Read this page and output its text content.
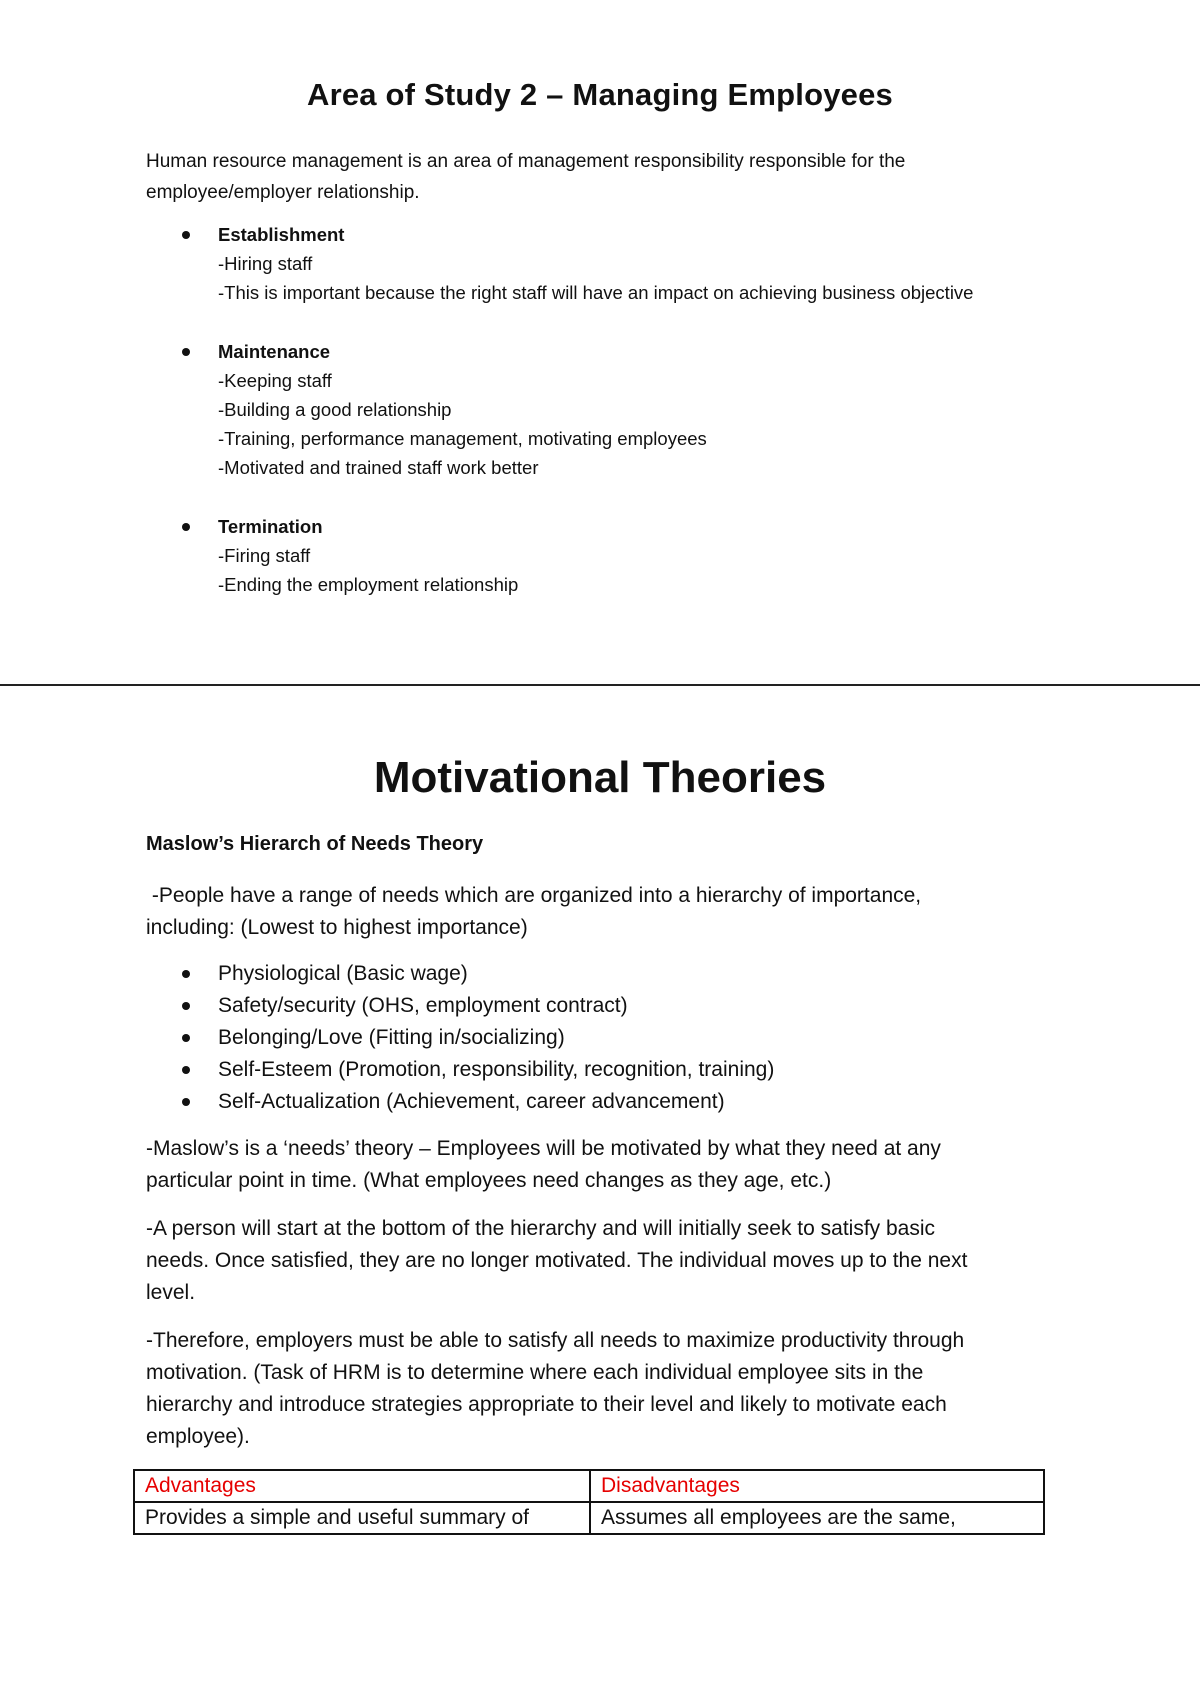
Area of Study 2 – Managing Employees

Human resource management is an area of management responsibility responsible for the
employee/employer relationship.

Establishment
-Hiring staff
-This is important because the right staff will have an impact on achieving business objective
Maintenance
-Keeping staff
-Building a good relationship
-Training, performance management, motivating employees
-Motivated and trained staff work better
Termination
-Firing staff
-Ending the employment relationship
Motivational Theories
Maslow’s Hierarch of Needs Theory

-People have a range of needs which are organized into a hierarchy of importance,
including: (Lowest to highest importance)

Physiological (Basic wage)
Safety/security (OHS, employment contract)
Belonging/Love (Fitting in/socializing)
Self-Esteem (Promotion, responsibility, recognition, training)
Self-Actualization (Achievement, career advancement)

-Maslow’s is a ‘needs’ theory – Employees will be motivated by what they need at any
particular point in time. (What employees need changes as they age, etc.)

-A person will start at the bottom of the hierarchy and will initially seek to satisfy basic
needs. Once satisfied, they are no longer motivated. The individual moves up to the next
level.

-Therefore, employers must be able to satisfy all needs to maximize productivity through
motivation. (Task of HRM is to determine where each individual employee sits in the
hierarchy and introduce strategies appropriate to their level and likely to motivate each
employee).

Advantages	Disadvantages
Provides a simple and useful summary of	Assumes all employees are the same,
